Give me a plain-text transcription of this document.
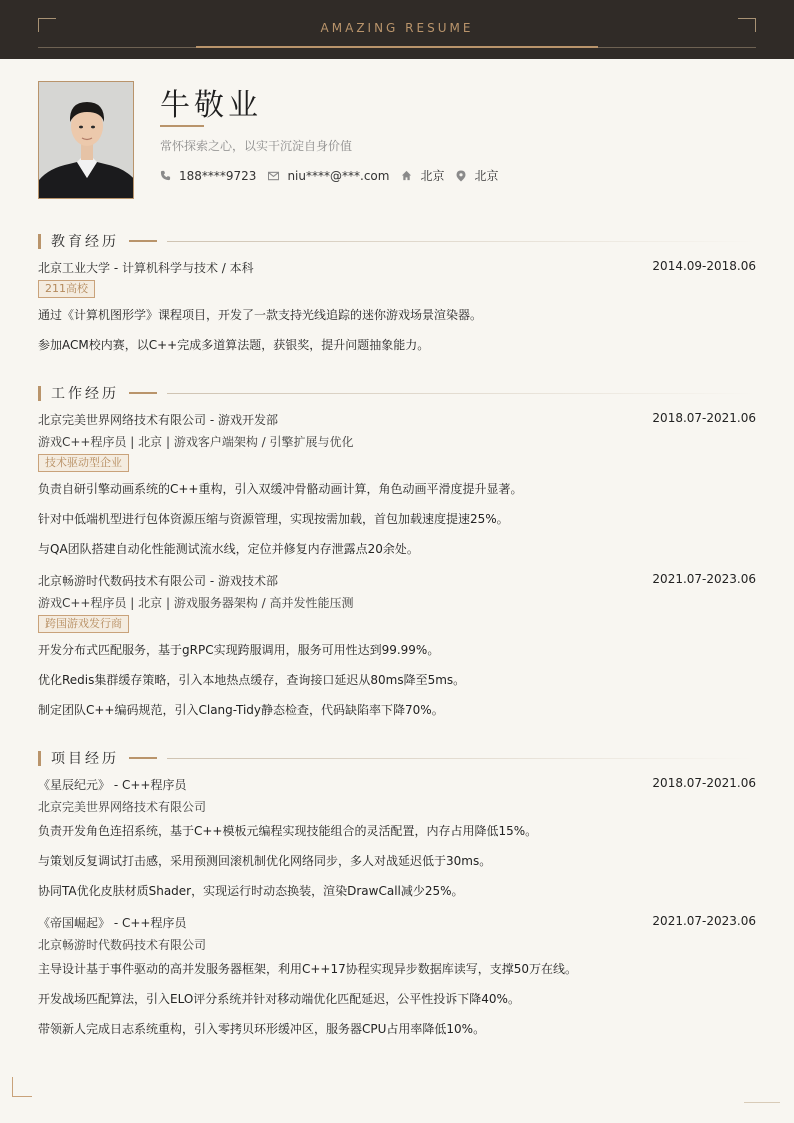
AMAZING RESUME
牛敬业
常怀探索之心，以实干沉淀自身价值
188****9723	niu****@***.com	北京	北京
教育经历
北京工业大学 - 计算机科学与技术 / 本科	2014.09-2018.06
211高校
通过《计算机图形学》课程项目，开发了一款支持光线追踪的迷你游戏场景渲染器。
参加ACM校内赛，以C++完成多道算法题，获银奖，提升问题抽象能力。
工作经历
北京完美世界网络技术有限公司 - 游戏开发部	2018.07-2021.06
游戏C++程序员 | 北京 | 游戏客户端架构 / 引擎扩展与优化
技术驱动型企业
负责自研引擎动画系统的C++重构，引入双缓冲骨骼动画计算，角色动画平滑度提升显著。
针对中低端机型进行包体资源压缩与资源管理，实现按需加载，首包加载速度提速25%。
与QA团队搭建自动化性能测试流水线，定位并修复内存泄露点20余处。
北京畅游时代数码技术有限公司 - 游戏技术部	2021.07-2023.06
游戏C++程序员 | 北京 | 游戏服务器架构 / 高并发性能压测
跨国游戏发行商
开发分布式匹配服务，基于gRPC实现跨服调用，服务可用性达到99.99%。
优化Redis集群缓存策略，引入本地热点缓存，查询接口延迟从80ms降至5ms。
制定团队C++编码规范，引入Clang-Tidy静态检查，代码缺陷率下降70%。
项目经历
《星辰纪元》 - C++程序员	2018.07-2021.06
北京完美世界网络技术有限公司
负责开发角色连招系统，基于C++模板元编程实现技能组合的灵活配置，内存占用降低15%。
与策划反复调试打击感，采用预测回滚机制优化网络同步，多人对战延迟低于30ms。
协同TA优化皮肤材质Shader，实现运行时动态换装，渲染DrawCall减少25%。
《帝国崛起》 - C++程序员	2021.07-2023.06
北京畅游时代数码技术有限公司
主导设计基于事件驱动的高并发服务器框架，利用C++17协程实现异步数据库读写，支撑50万在线。
开发战场匹配算法，引入ELO评分系统并针对移动端优化匹配延迟，公平性投诉下降40%。
带领新人完成日志系统重构，引入零拷贝环形缓冲区，服务器CPU占用率降低10%。
